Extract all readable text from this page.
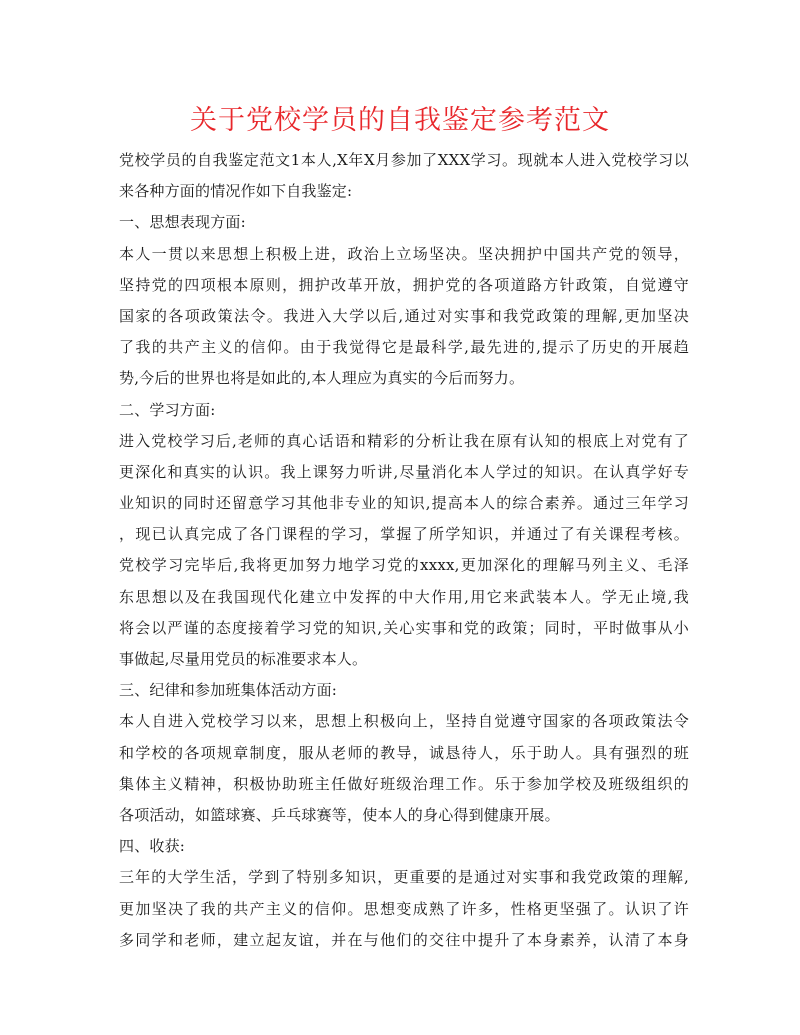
关于党校学员的自我鉴定参考范文
党校学员的自我鉴定范文1本人,X年X月参加了XXX学习。现就本人进入党校学习以
来各种方面的情况作如下自我鉴定:
一、思想表现方面:
本人一贯以来思想上积极上进，政治上立场坚决。坚决拥护中国共产党的领导，
坚持党的四项根本原则，拥护改革开放，拥护党的各项道路方针政策，自觉遵守
国家的各项政策法令。我进入大学以后,通过对实事和我党政策的理解,更加坚决
了我的共产主义的信仰。由于我觉得它是最科学,最先进的,提示了历史的开展趋
势,今后的世界也将是如此的,本人理应为真实的今后而努力。
二、学习方面:
进入党校学习后,老师的真心话语和精彩的分析让我在原有认知的根底上对党有了
更深化和真实的认识。我上课努力听讲,尽量消化本人学过的知识。在认真学好专
业知识的同时还留意学习其他非专业的知识,提高本人的综合素养。通过三年学习
，现已认真完成了各门课程的学习，掌握了所学知识，并通过了有关课程考核。
党校学习完毕后,我将更加努力地学习党的xxxx,更加深化的理解马列主义、毛泽
东思想以及在我国现代化建立中发挥的中大作用,用它来武装本人。学无止境,我
将会以严谨的态度接着学习党的知识,关心实事和党的政策；同时，平时做事从小
事做起,尽量用党员的标准要求本人。
三、纪律和参加班集体活动方面:
本人自进入党校学习以来，思想上积极向上，坚持自觉遵守国家的各项政策法令
和学校的各项规章制度，服从老师的教导，诚恳待人，乐于助人。具有强烈的班
集体主义精神，积极协助班主任做好班级治理工作。乐于参加学校及班级组织的
各项活动，如篮球赛、乒乓球赛等，使本人的身心得到健康开展。
四、收获:
三年的大学生活，学到了特别多知识，更重要的是通过对实事和我党政策的理解,
更加坚决了我的共产主义的信仰。思想变成熟了许多，性格更坚强了。认识了许
多同学和老师，建立起友谊，并在与他们的交往中提升了本身素养，认清了本身
